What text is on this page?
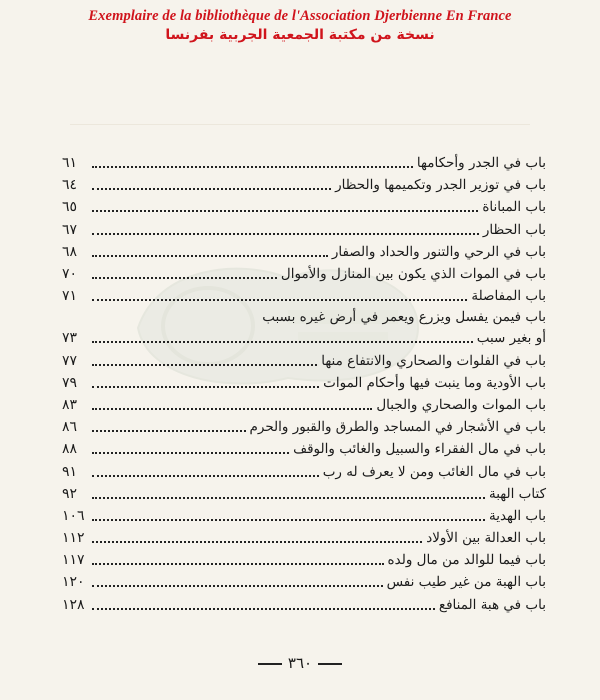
Exemplaire de la bibliothèque de l'Association Djerbienne En France
نسخة من مكتبة الجمعية الجربية بفرنسا
باب في الجدر وأحكامها
٦١
باب في توزير الجدر وتكميمها والحظار
٦٤
باب المباناة
٦٥
باب الحظار
٦٧
باب في الرحي والتنور والحداد والصفار
٦٨
باب في الموات الذي يكون بين المنازل والأموال
٧٠
باب المفاصلة
٧١
باب فيمن يفسل ويزرع ويعمر في أرض غيره بسبب
أو بغير سبب
٧٣
باب في الفلوات والصحاري والانتفاع منها
٧٧
باب الأودية وما ينبت فيها وأحكام الموات
٧٩
باب الموات والصحاري والجبال
٨٣
باب في الأشجار في المساجد والطرق والقبور والحرم
٨٦
باب في مال الفقراء والسبيل والغائب والوقف
٨٨
باب في مال الغائب ومن لا يعرف له رب
٩١
كتاب الهبة
٩٢
باب الهدية
١٠٦
باب العدالة بين الأولاد
١١٢
باب فيما للوالد من مال ولده
١١٧
باب الهبة من غير طيب نفس
١٢٠
باب في هبة المنافع
١٢٨
٣٦٠
